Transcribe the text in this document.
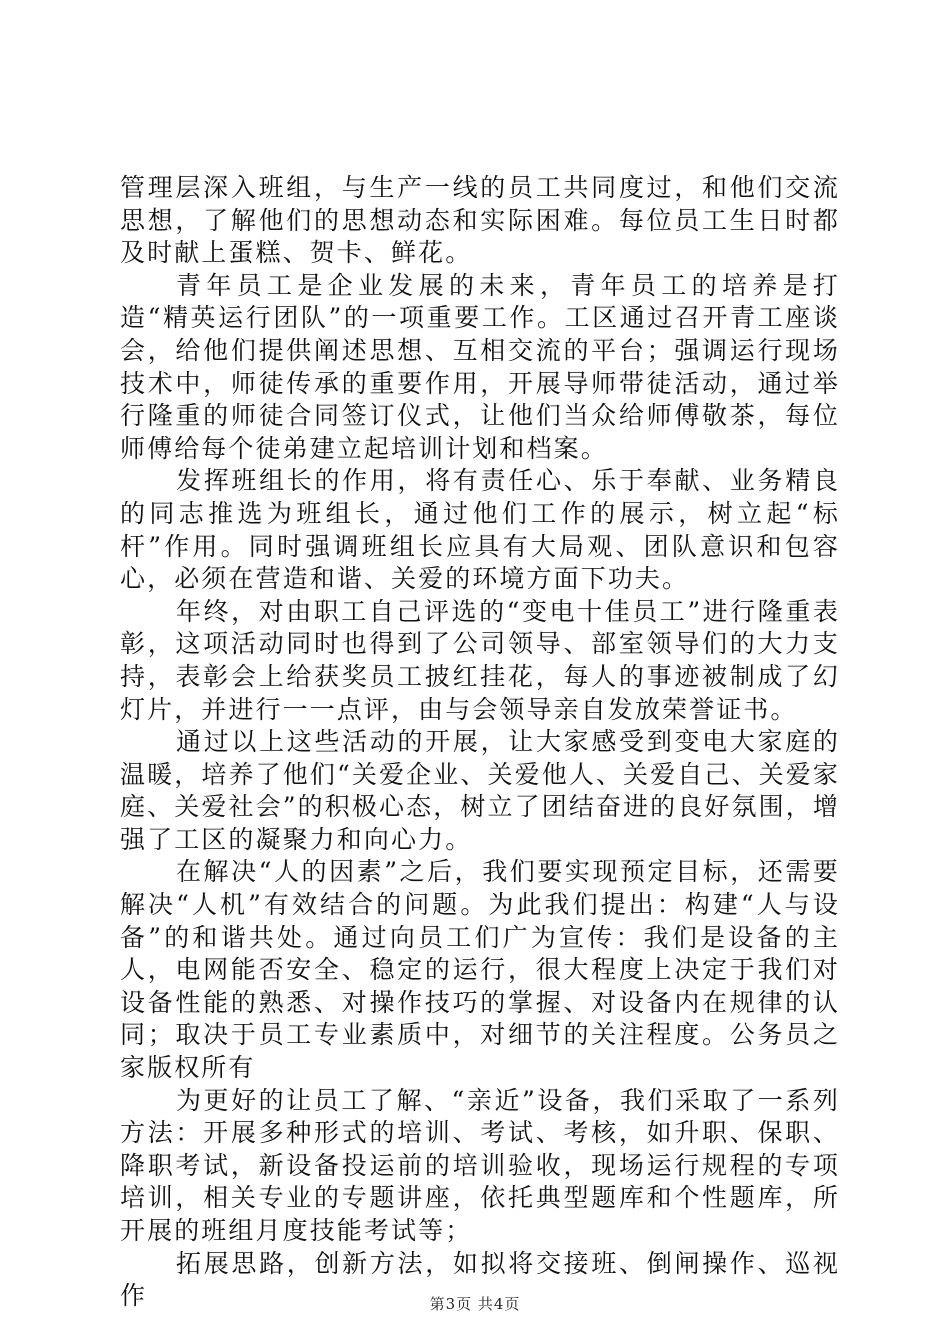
管理层深入班组，与生产一线的员工共同度过，和他们交流思想，了解他们的思想动态和实际困难。每位员工生日时都及时献上蛋糕、贺卡、鲜花。

青年员工是企业发展的未来，青年员工的培养是打造“精英运行团队”的一项重要工作。工区通过召开青工座谈会，给他们提供阐述思想、互相交流的平台；强调运行现场技术中，师徒传承的重要作用，开展导师带徒活动，通过举行隆重的师徒合同签订仪式，让他们当众给师傅敬茶，每位师傅给每个徒弟建立起培训计划和档案。

发挥班组长的作用，将有责任心、乐于奉献、业务精良的同志推选为班组长，通过他们工作的展示，树立起“标杆”作用。同时强调班组长应具有大局观、团队意识和包容心，必须在营造和谐、关爱的环境方面下功夫。

年终，对由职工自己评选的“变电十佳员工”进行隆重表彰，这项活动同时也得到了公司领导、部室领导们的大力支持，表彰会上给获奖员工披红挂花，每人的事迹被制成了幻灯片，并进行一一点评，由与会领导亲自发放荣誉证书。

通过以上这些活动的开展，让大家感受到变电大家庭的温暖，培养了他们“关爱企业、关爱他人、关爱自己、关爱家庭、关爱社会”的积极心态，树立了团结奋进的良好氛围，增强了工区的凝聚力和向心力。

在解决“人的因素”之后，我们要实现预定目标，还需要解决“人机”有效结合的问题。为此我们提出：构建“人与设备”的和谐共处。通过向员工们广为宣传：我们是设备的主人，电网能否安全、稳定的运行，很大程度上决定于我们对设备性能的熟悉、对操作技巧的掌握、对设备内在规律的认同；取决于员工专业素质中，对细节的关注程度。公务员之家版权所有

为更好的让员工了解、“亲近”设备，我们采取了一系列方法：开展多种形式的培训、考试、考核，如升职、保职、降职考试，新设备投运前的培训验收，现场运行规程的专项培训，相关专业的专题讲座，依托典型题库和个性题库，所开展的班组月度技能考试等；

拓展思路，创新方法，如拟将交接班、倒闸操作、巡视作	第3页 共4页
